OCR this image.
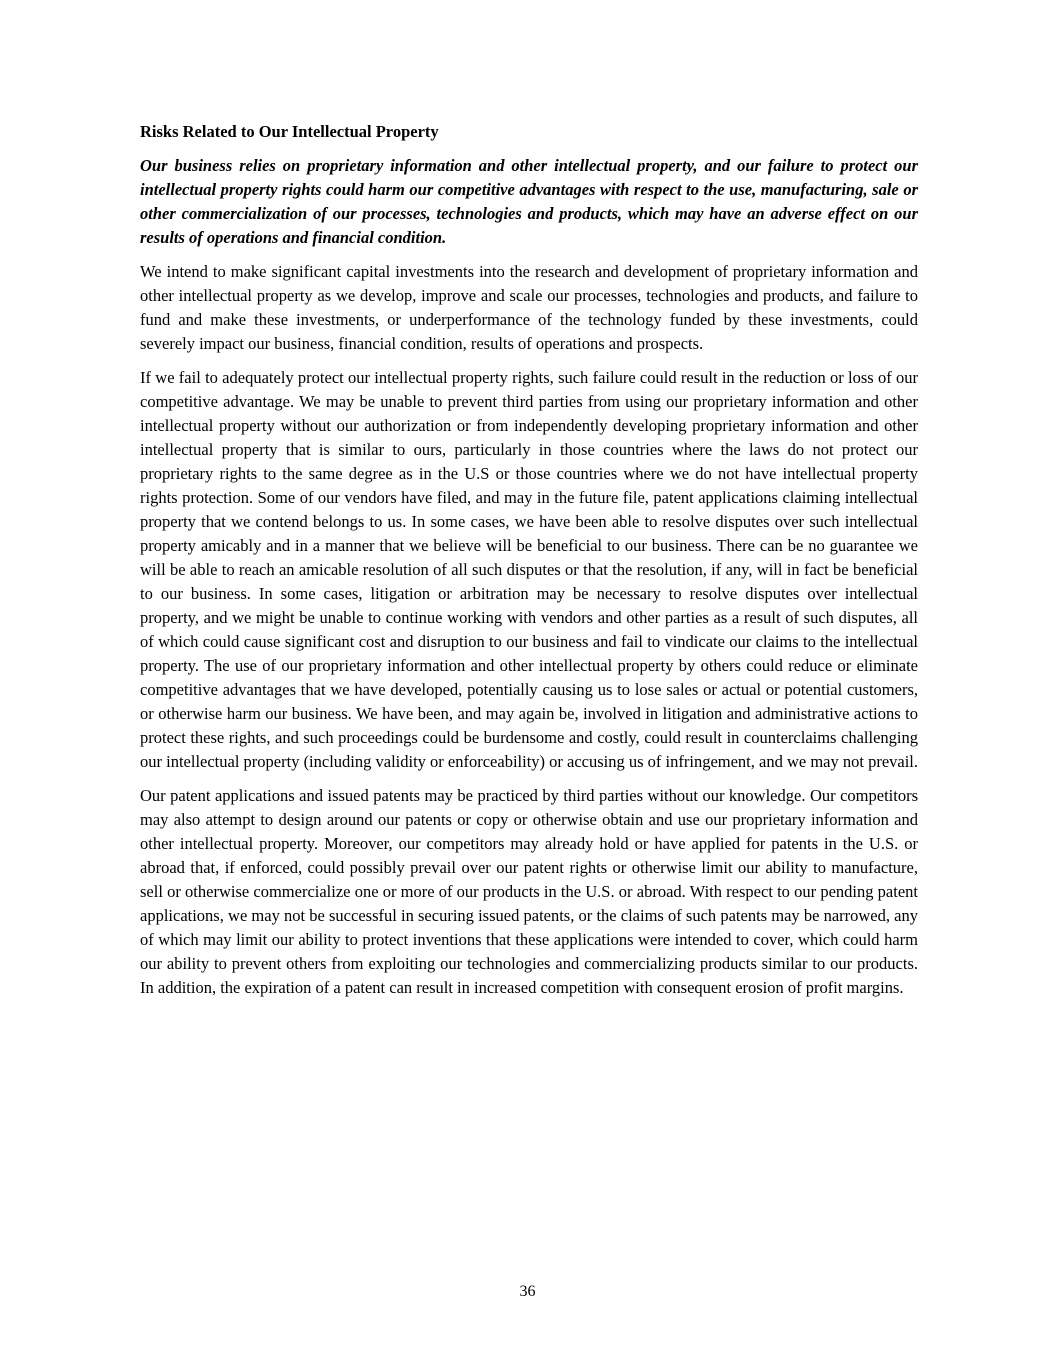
Risks Related to Our Intellectual Property

Our business relies on proprietary information and other intellectual property, and our failure to protect our intellectual property rights could harm our competitive advantages with respect to the use, manufacturing, sale or other commercialization of our processes, technologies and products, which may have an adverse effect on our results of operations and financial condition.

We intend to make significant capital investments into the research and development of proprietary information and other intellectual property as we develop, improve and scale our processes, technologies and products, and failure to fund and make these investments, or underperformance of the technology funded by these investments, could severely impact our business, financial condition, results of operations and prospects.

If we fail to adequately protect our intellectual property rights, such failure could result in the reduction or loss of our competitive advantage. We may be unable to prevent third parties from using our proprietary information and other intellectual property without our authorization or from independently developing proprietary information and other intellectual property that is similar to ours, particularly in those countries where the laws do not protect our proprietary rights to the same degree as in the U.S or those countries where we do not have intellectual property rights protection. Some of our vendors have filed, and may in the future file, patent applications claiming intellectual property that we contend belongs to us. In some cases, we have been able to resolve disputes over such intellectual property amicably and in a manner that we believe will be beneficial to our business. There can be no guarantee we will be able to reach an amicable resolution of all such disputes or that the resolution, if any, will in fact be beneficial to our business. In some cases, litigation or arbitration may be necessary to resolve disputes over intellectual property, and we might be unable to continue working with vendors and other parties as a result of such disputes, all of which could cause significant cost and disruption to our business and fail to vindicate our claims to the intellectual property. The use of our proprietary information and other intellectual property by others could reduce or eliminate competitive advantages that we have developed, potentially causing us to lose sales or actual or potential customers, or otherwise harm our business. We have been, and may again be, involved in litigation and administrative actions to protect these rights, and such proceedings could be burdensome and costly, could result in counterclaims challenging our intellectual property (including validity or enforceability) or accusing us of infringement, and we may not prevail.

Our patent applications and issued patents may be practiced by third parties without our knowledge. Our competitors may also attempt to design around our patents or copy or otherwise obtain and use our proprietary information and other intellectual property. Moreover, our competitors may already hold or have applied for patents in the U.S. or abroad that, if enforced, could possibly prevail over our patent rights or otherwise limit our ability to manufacture, sell or otherwise commercialize one or more of our products in the U.S. or abroad. With respect to our pending patent applications, we may not be successful in securing issued patents, or the claims of such patents may be narrowed, any of which may limit our ability to protect inventions that these applications were intended to cover, which could harm our ability to prevent others from exploiting our technologies and commercializing products similar to our products. In addition, the expiration of a patent can result in increased competition with consequent erosion of profit margins.

36
